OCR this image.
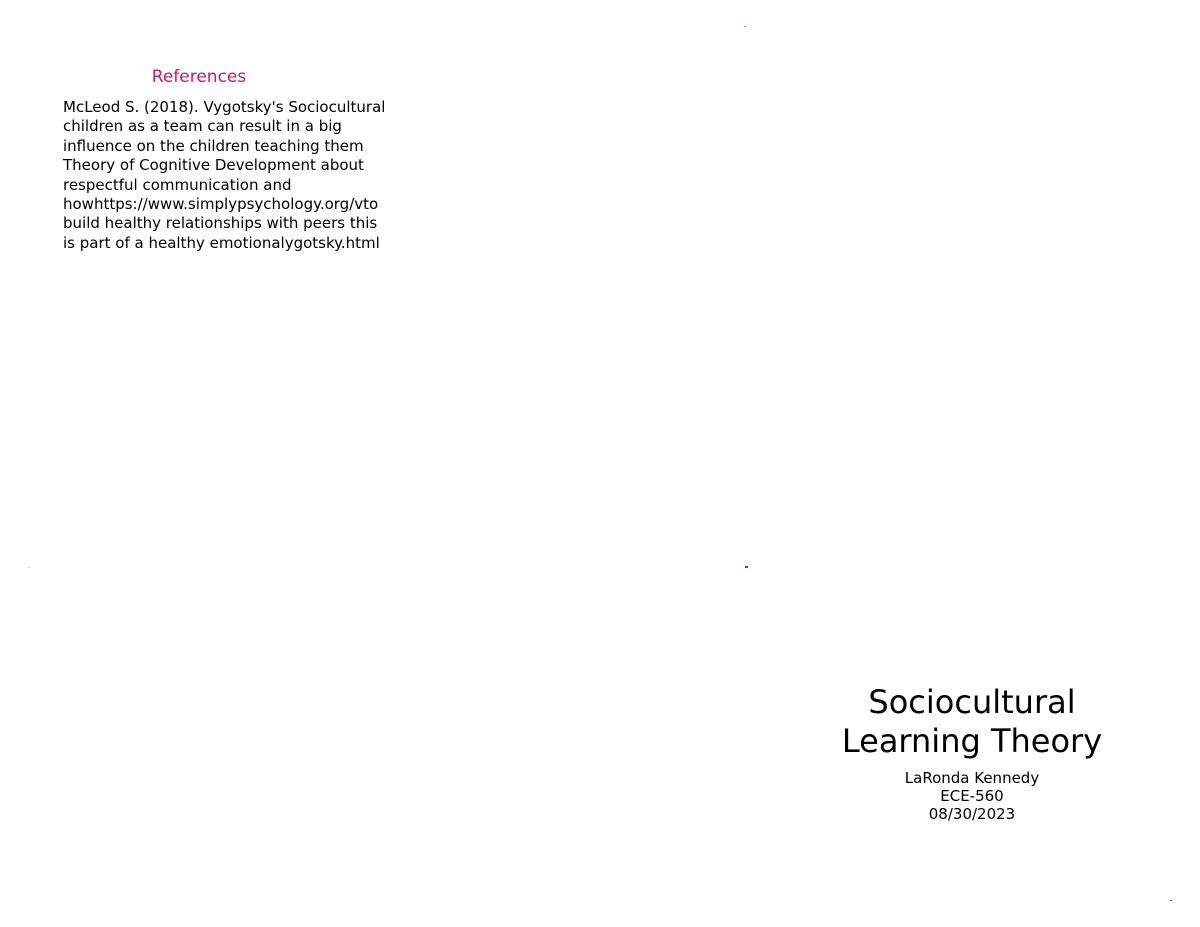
References

McLeod S. (2018). Vygotsky's Sociocultural
children as a team can result in a big
influence on the children teaching them
Theory of Cognitive Development about
respectful communication and
howhttps://www.simplypsychology.org/vto
build healthy relationships with peers this
is part of a healthy emotionalygotsky.html

Sociocultural
Learning Theory
LaRonda Kennedy
ECE-560
08/30/2023
